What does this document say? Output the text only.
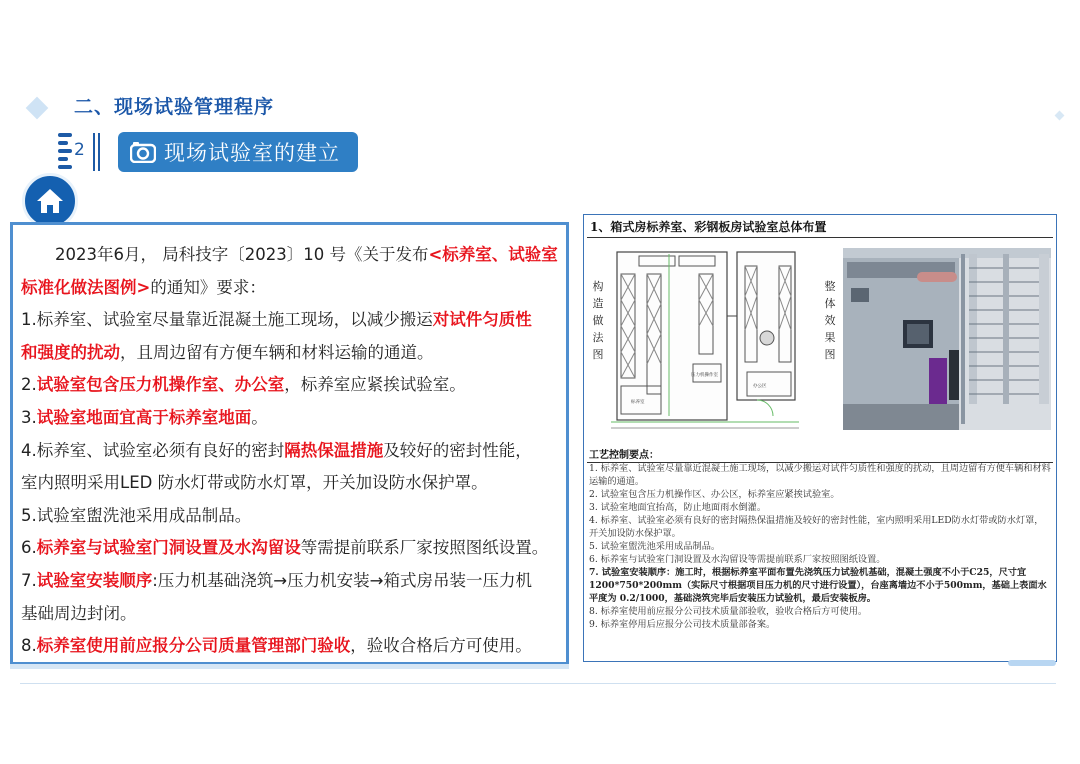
二、现场试验管理程序
2	现场试验室的建立

2023年6月， 局科技字〔2023〕10 号《关于发布<标养室、试验室

标准化做法图例>的通知》要求：

1.标养室、试验室尽量靠近混凝土施工现场，以减少搬运对试件匀质性

和强度的扰动，且周边留有方便车辆和材料运输的通道。

2.试验室包含压力机操作室、办公室，标养室应紧挨试验室。

3.试验室地面宜高于标养室地面。

4.标养室、试验室必须有良好的密封隔热保温措施及较好的密封性能，

室内照明采用LED 防水灯带或防水灯罩，开关加设防水保护罩。

5.试验室盥洗池采用成品制品。

6.标养室与试验室门洞设置及水沟留设等需提前联系厂家按照图纸设置。

7.试验室安装顺序:压力机基础浇筑→压力机安装→箱式房吊装一压力机

基础周边封闭。

8.标养室使用前应报分公司质量管理部门验收，验收合格后方可使用。

1、箱式房标养室、彩钢板房试验室总体布置
构造做法图
标养室
办公区
压力机操作室
整体效果图
工艺控制要点：
1. 标养室、试验室尽量靠近混凝土施工现场，以减少搬运对试件匀质性和强度的扰动，且周边留有方便车辆和材料运输的通道。
2. 试验室包含压力机操作区、办公区，标养室应紧挨试验室。
3. 试验室地面宜抬高，防止地面雨水倒灌。
4. 标养室、试验室必须有良好的密封隔热保温措施及较好的密封性能，室内照明采用LED防水灯带或防水灯罩，开关加设防水保护罩。
5. 试验室盥洗池采用成品制品。
6. 标养室与试验室门洞设置及水沟留设等需提前联系厂家按照图纸设置。
7. 试验室安装顺序：施工时，根据标养室平面布置先浇筑压力试验机基础，混凝土强度不小于C25，尺寸宜1200*750*200mm（实际尺寸根据项目压力机的尺寸进行设置），台座离墙边不小于500mm，基础上表面水平度为 0.2/1000，基础浇筑完毕后安装压力试验机，最后安装板房。
8. 标养室使用前应报分公司技术质量部验收，验收合格后方可使用。
9. 标养室停用后应报分公司技术质量部备案。
